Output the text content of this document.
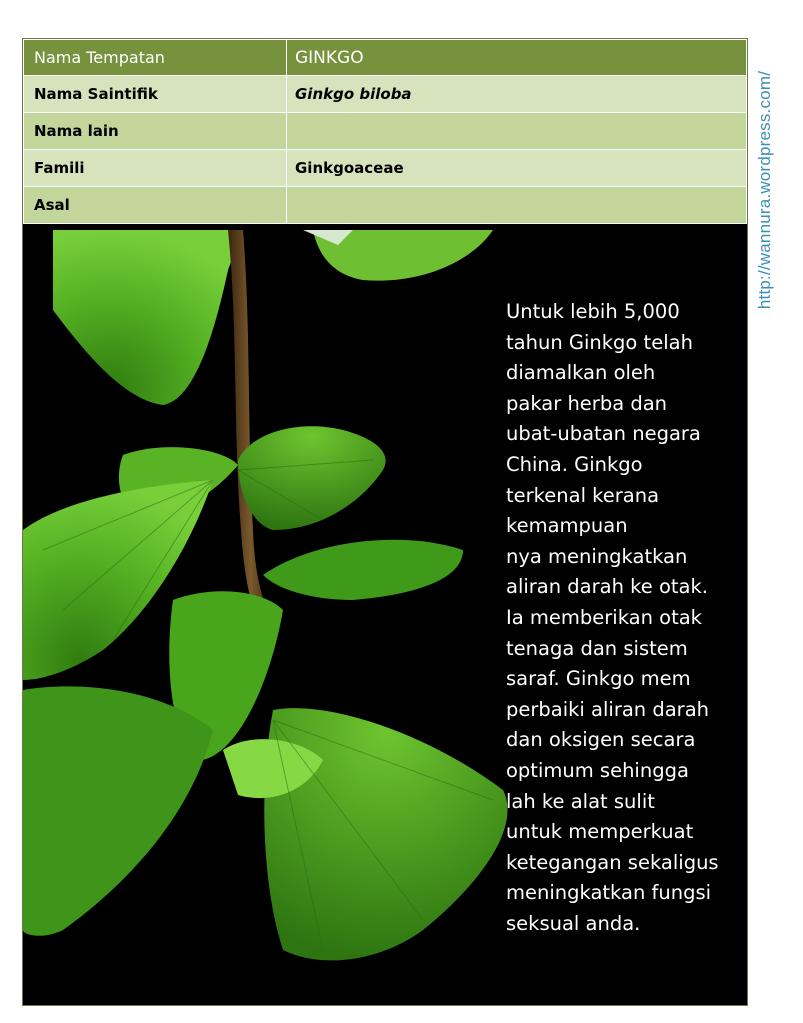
Nama Tempatan	GINKGO
Nama Saintifik	Ginkgo biloba
Nama lain	
Famili	Ginkgoaceae
Asal	
Untuk lebih 5,000
tahun Ginkgo telah
diamalkan oleh
pakar herba dan
ubat-ubatan negara
China. Ginkgo
terkenal kerana
kemampuan
nya meningkatkan
aliran darah ke otak.
Ia memberikan otak
tenaga dan sistem
saraf. Ginkgo mem
perbaiki aliran darah
dan oksigen secara
optimum sehingga
lah ke alat sulit
untuk memperkuat
ketegangan sekaligus
meningkatkan fungsi
seksual anda.
http://wannura.wordpress.com/
